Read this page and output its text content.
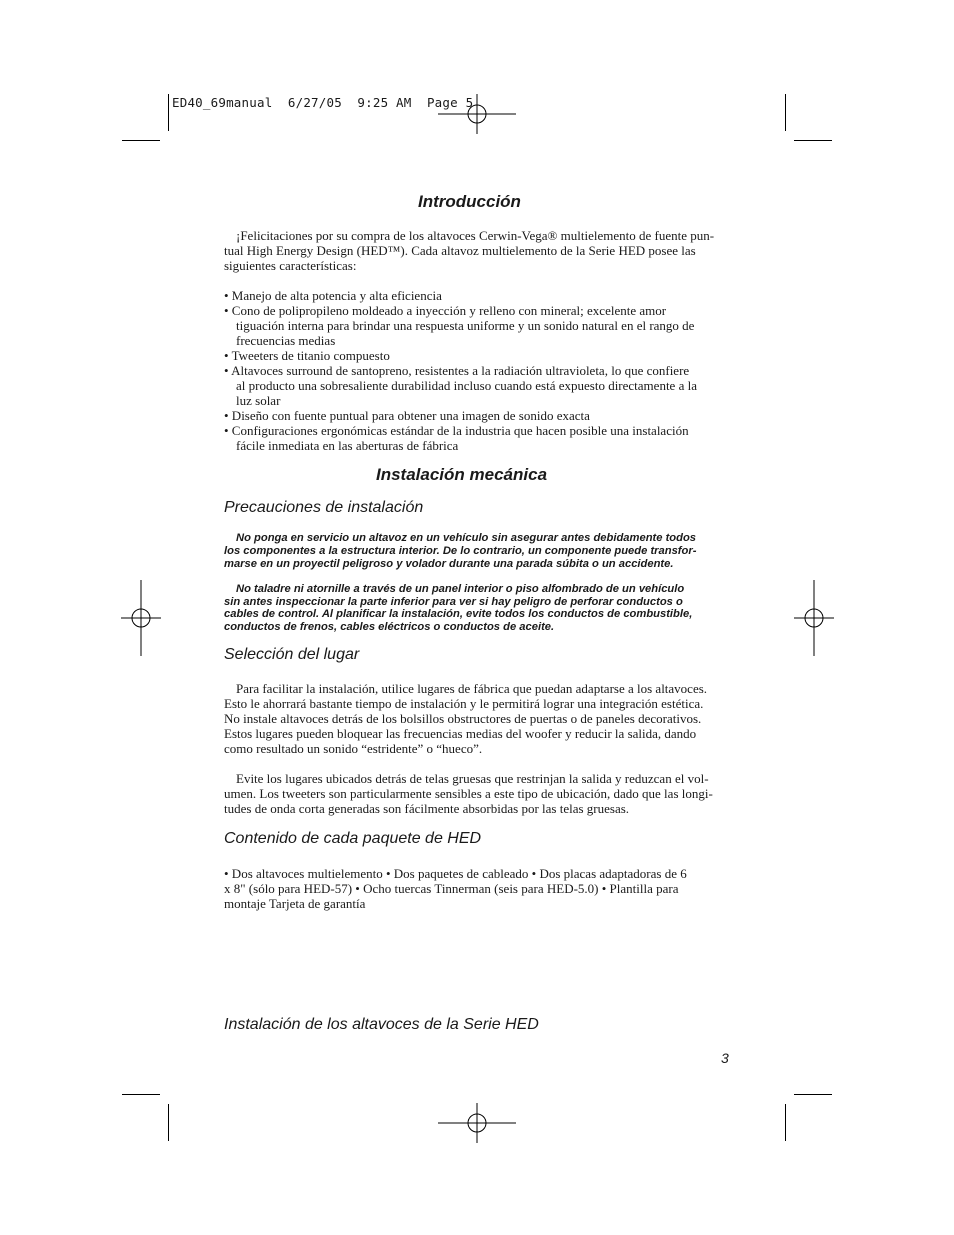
ED40_69manual  6/27/05  9:25 AM  Page 5
Introducción
¡Felicitaciones por su compra de los altavoces Cerwin-Vega® multielemento de fuente pun-
tual High Energy Design (HED™). Cada altavoz multielemento de la Serie HED posee las
siguientes características:
• Manejo de alta potencia y alta eficiencia
• Cono de polipropileno moldeado a inyección y relleno con mineral; excelente amor
tiguación interna para brindar una respuesta uniforme y un sonido natural en el rango de
frecuencias medias
• Tweeters de titanio compuesto
• Altavoces surround de santopreno, resistentes a la radiación ultravioleta, lo que confiere
al producto una sobresaliente durabilidad incluso cuando está expuesto directamente a la
luz solar
• Diseño con fuente puntual para obtener una imagen de sonido exacta
• Configuraciones ergonómicas estándar de la industria que hacen posible una instalación
fácile inmediata en las aberturas de fábrica
Instalación mecánica
Precauciones de instalación
No ponga en servicio un altavoz en un vehículo sin asegurar antes debidamente todos
los componentes a la estructura interior. De lo contrario, un componente puede transfor-
marse en un proyectil peligroso y volador durante una parada súbita o un accidente.
No taladre ni atornille a través de un panel interior o piso alfombrado de un vehículo
sin antes inspeccionar la parte inferior para ver si hay peligro de perforar conductos o
cables de control. Al planificar la instalación, evite todos los conductos de combustible,
conductos de frenos, cables eléctricos o conductos de aceite.
Selección del lugar
Para facilitar la instalación, utilice lugares de fábrica que puedan adaptarse a los altavoces.
Esto le ahorrará bastante tiempo de instalación y le permitirá lograr una integración estética.
No instale altavoces detrás de los bolsillos obstructores de puertas o de paneles decorativos.
Estos lugares pueden bloquear las frecuencias medias del woofer y reducir la salida, dando
como resultado un sonido “estridente” o “hueco”.
Evite los lugares ubicados detrás de telas gruesas que restrinjan la salida y reduzcan el vol-
umen. Los tweeters son particularmente sensibles a este tipo de ubicación, dado que las longi-
tudes de onda corta generadas son fácilmente absorbidas por las telas gruesas.
Contenido de cada paquete de HED
• Dos altavoces multielemento • Dos paquetes de cableado • Dos placas adaptadoras de 6
x 8" (sólo para HED-57) • Ocho tuercas Tinnerman (seis para HED-5.0) • Plantilla para
montaje Tarjeta de garantía
Instalación de los altavoces de la Serie HED
3
